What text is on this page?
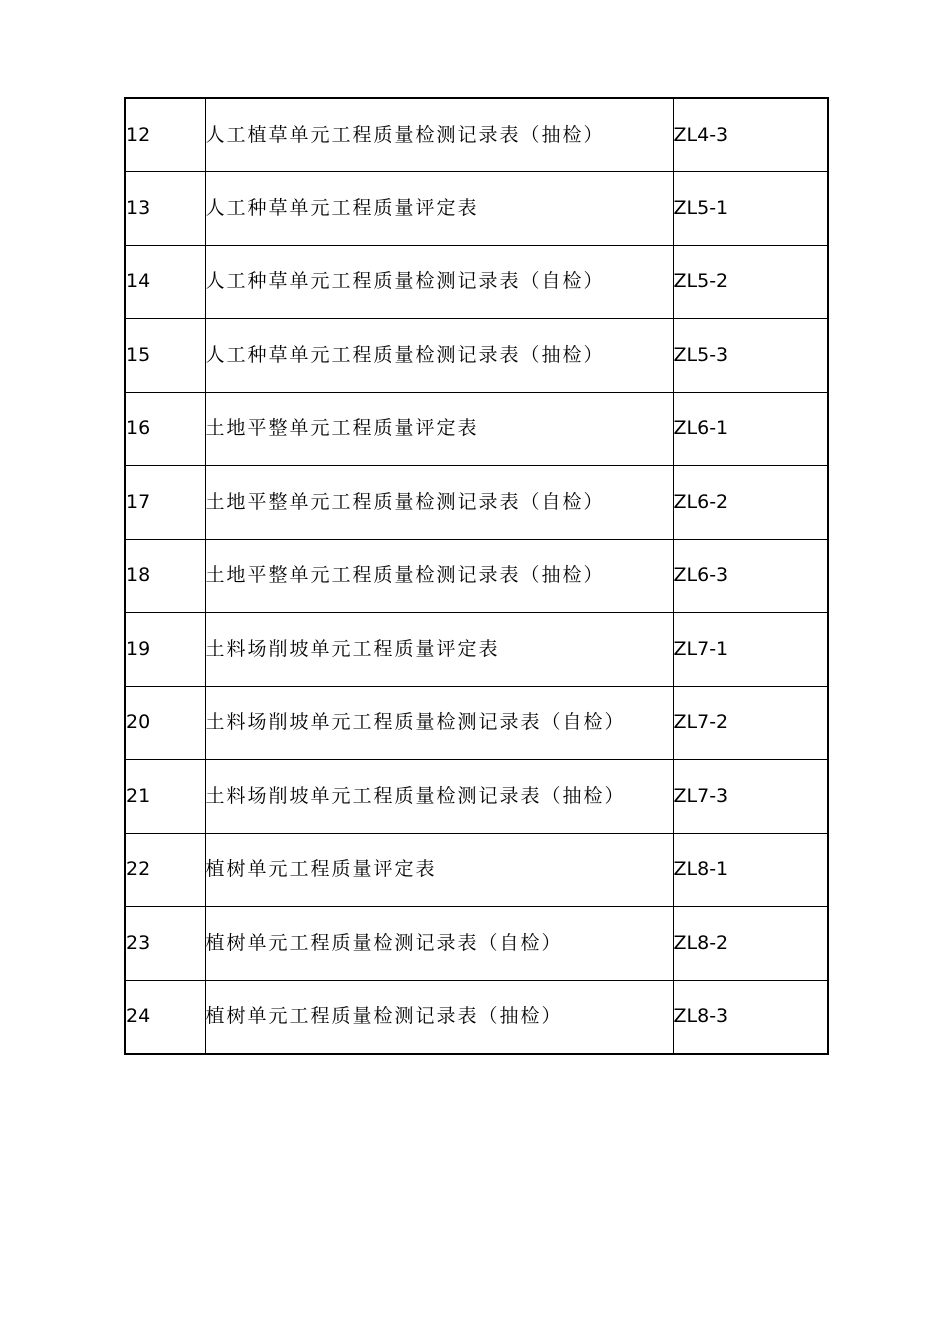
12	人工植草单元工程质量检测记录表（抽检）	ZL4-3
13	人工种草单元工程质量评定表	ZL5-1
14	人工种草单元工程质量检测记录表（自检）	ZL5-2
15	人工种草单元工程质量检测记录表（抽检）	ZL5-3
16	土地平整单元工程质量评定表	ZL6-1
17	土地平整单元工程质量检测记录表（自检）	ZL6-2
18	土地平整单元工程质量检测记录表（抽检）	ZL6-3
19	土料场削坡单元工程质量评定表	ZL7-1
20	土料场削坡单元工程质量检测记录表（自检）	ZL7-2
21	土料场削坡单元工程质量检测记录表（抽检）	ZL7-3
22	植树单元工程质量评定表	ZL8-1
23	植树单元工程质量检测记录表（自检）	ZL8-2
24	植树单元工程质量检测记录表（抽检）	ZL8-3
